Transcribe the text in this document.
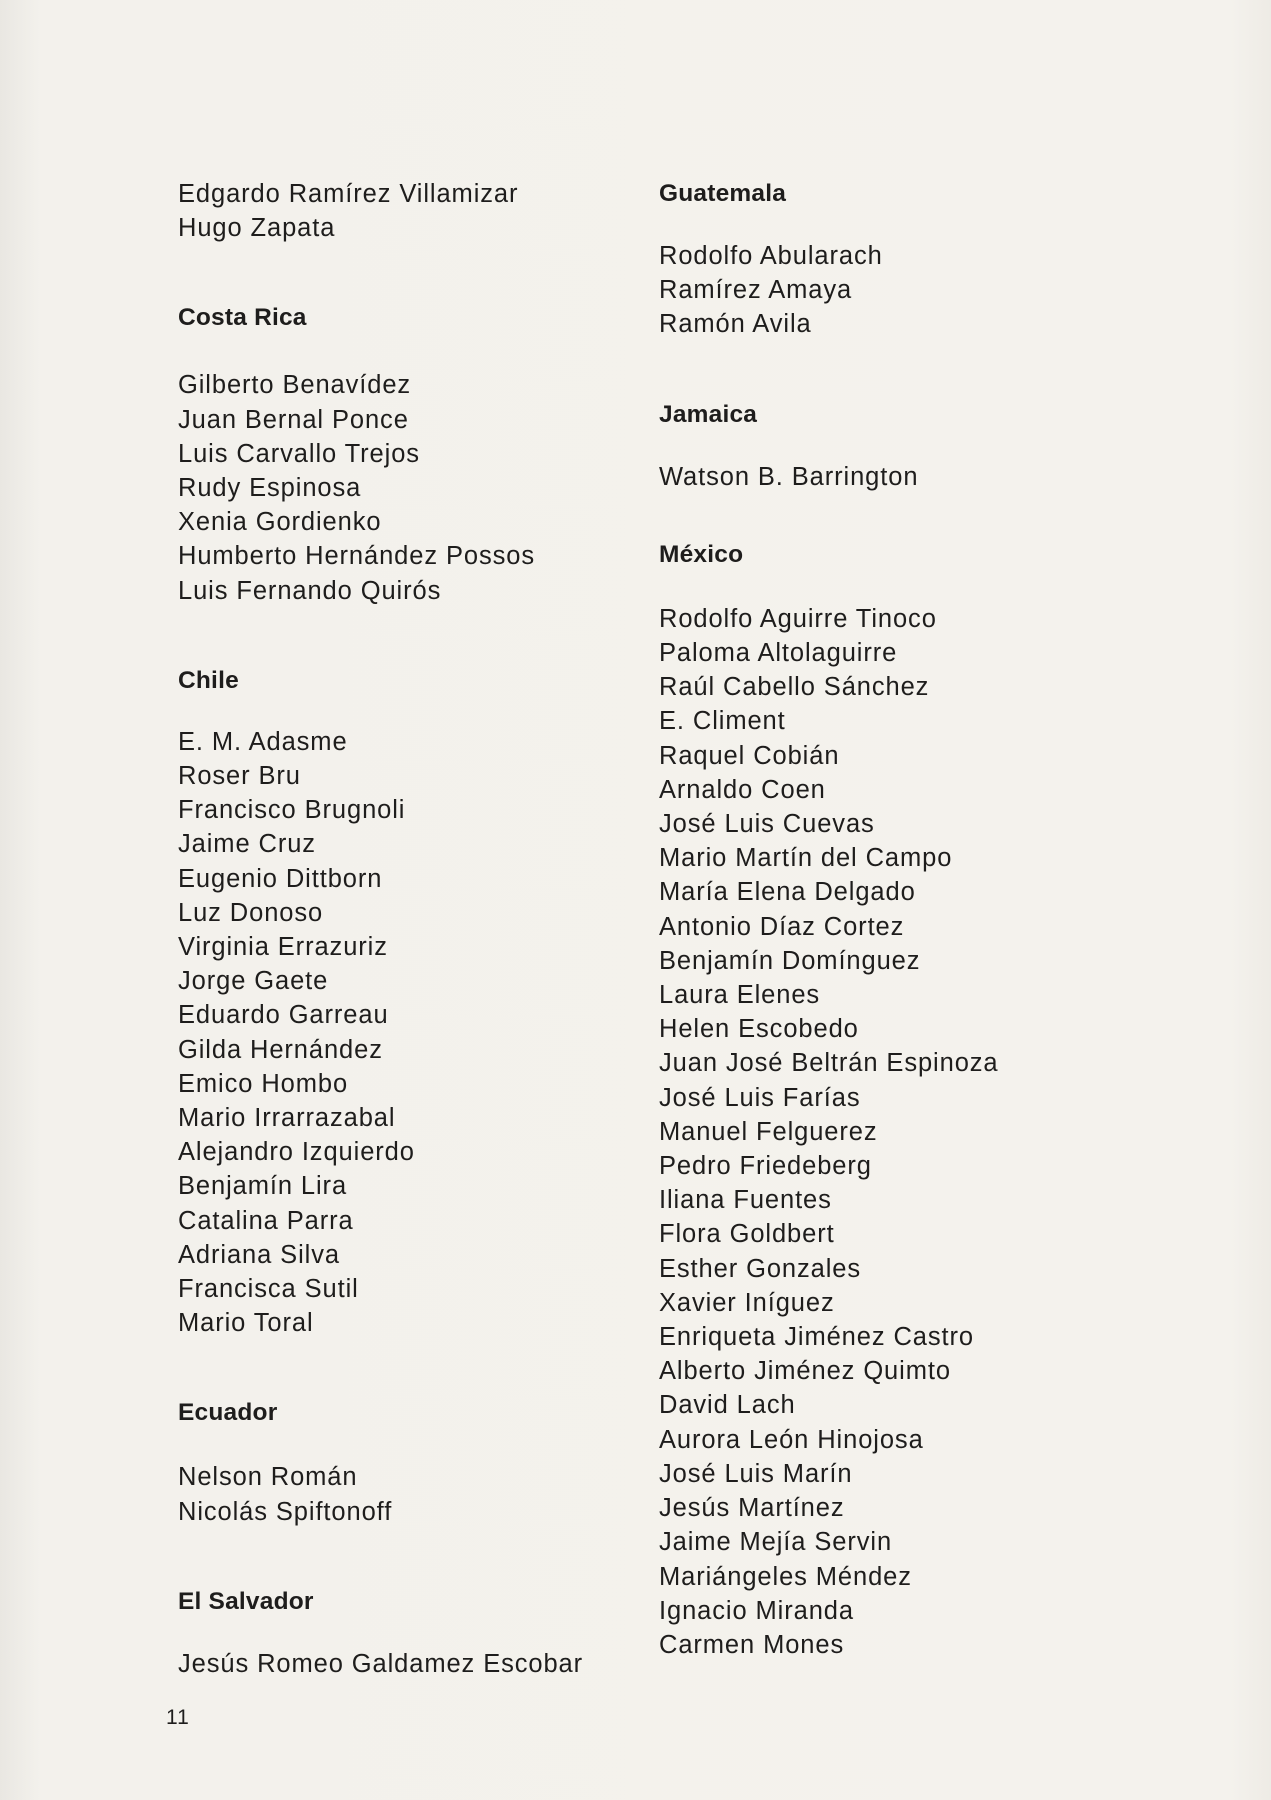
Edgardo Ramírez Villamizar

Hugo Zapata

Costa Rica

Gilberto Benavídez

Juan Bernal Ponce

Luis Carvallo Trejos

Rudy Espinosa

Xenia Gordienko

Humberto Hernández Possos

Luis Fernando Quirós

Chile

E. M. Adasme

Roser Bru

Francisco Brugnoli

Jaime Cruz

Eugenio Dittborn

Luz Donoso

Virginia Errazuriz

Jorge Gaete

Eduardo Garreau

Gilda Hernández

Emico Hombo

Mario Irrarrazabal

Alejandro Izquierdo

Benjamín Lira

Catalina Parra

Adriana Silva

Francisca Sutil

Mario Toral

Ecuador

Nelson Román

Nicolás Spiftonoff

El Salvador

Jesús Romeo Galdamez Escobar

Guatemala

Rodolfo Abularach

Ramírez Amaya

Ramón Avila

Jamaica

Watson B. Barrington

México

Rodolfo Aguirre Tinoco

Paloma Altolaguirre

Raúl Cabello Sánchez

E. Climent

Raquel Cobián

Arnaldo Coen

José Luis Cuevas

Mario Martín del Campo

María Elena Delgado

Antonio Díaz Cortez

Benjamín Domínguez

Laura Elenes

Helen Escobedo

Juan José Beltrán Espinoza

José Luis Farías

Manuel Felguerez

Pedro Friedeberg

Iliana Fuentes

Flora Goldbert

Esther Gonzales

Xavier Iníguez

Enriqueta Jiménez Castro

Alberto Jiménez Quimto

David Lach

Aurora León Hinojosa

José Luis Marín

Jesús Martínez

Jaime Mejía Servin

Mariángeles Méndez

Ignacio Miranda

Carmen Mones

11
